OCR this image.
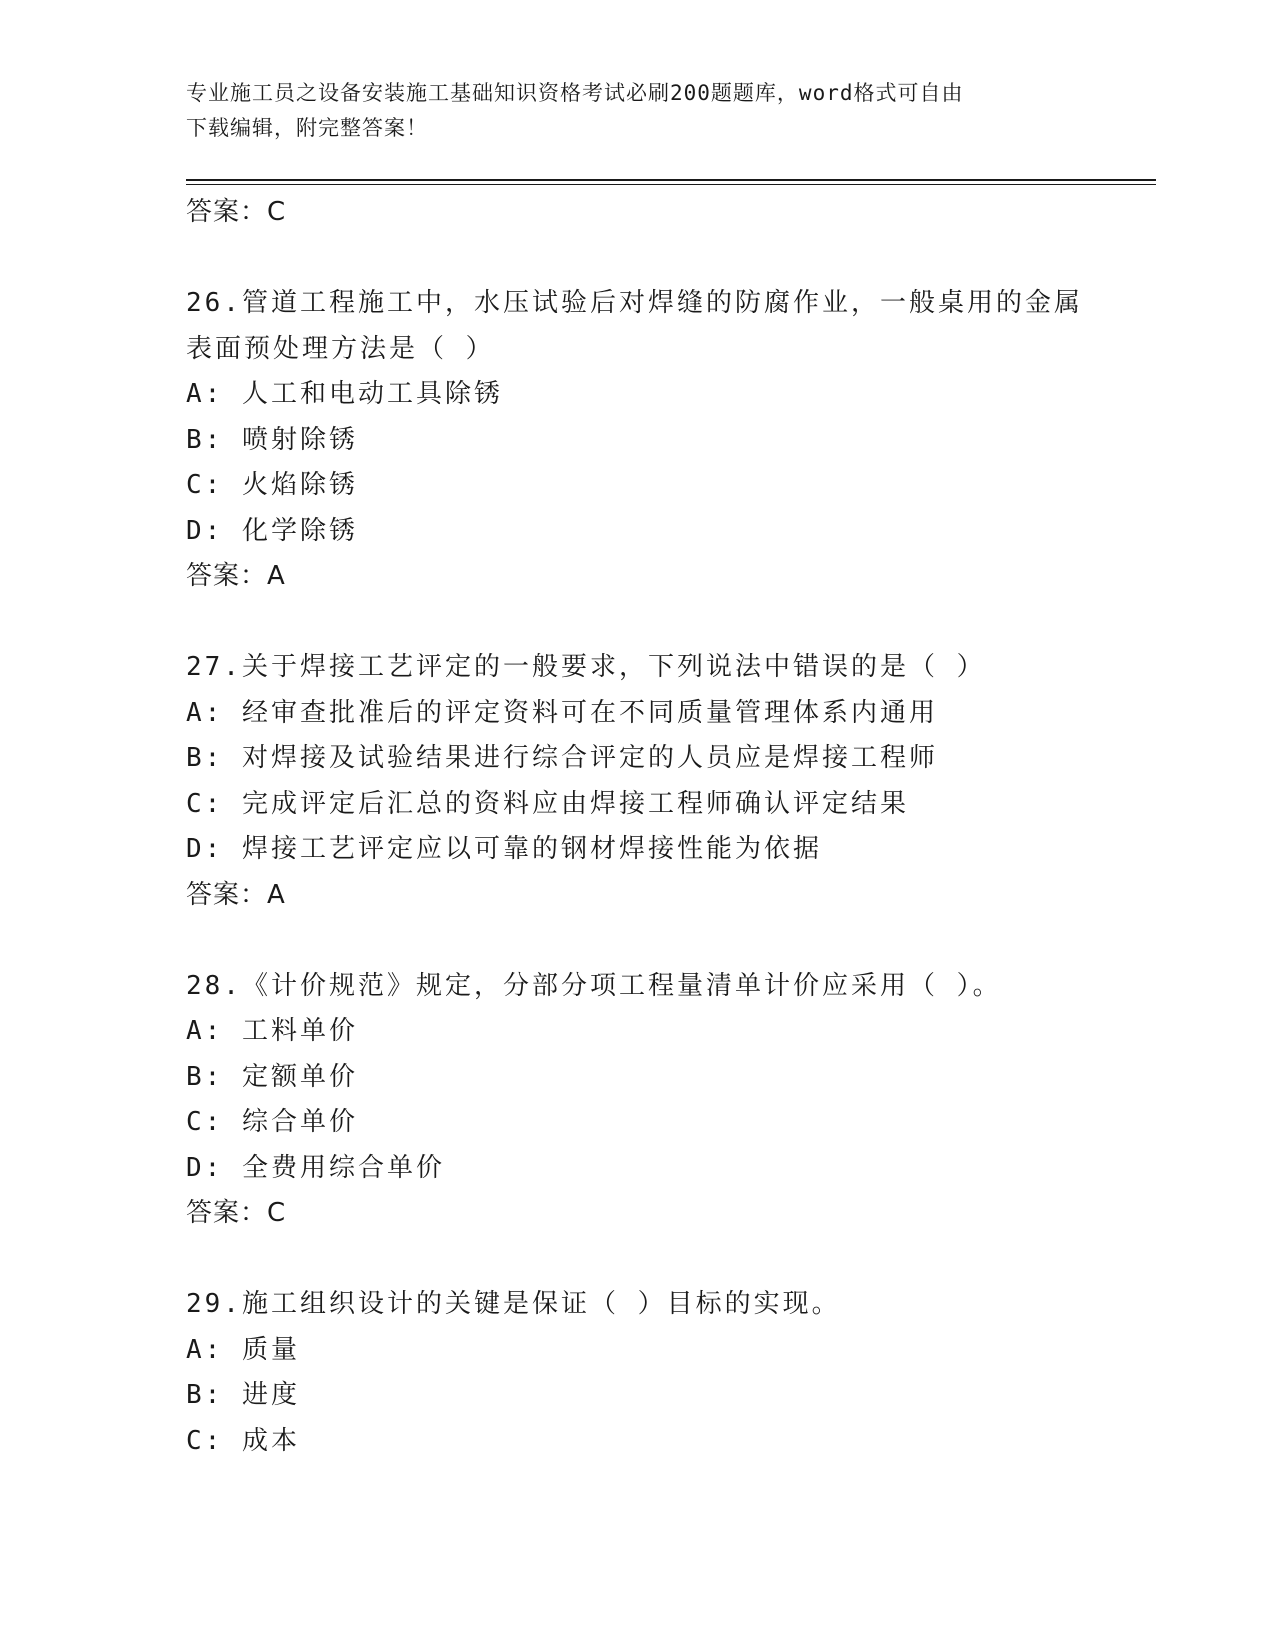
专业施工员之设备安装施工基础知识资格考试必刷200题题库，word格式可自由
下载编辑，附完整答案！
答案：C
26.管道工程施工中，水压试验后对焊缝的防腐作业，一般桌用的金属
表面预处理方法是（ ）
A: 人工和电动工具除锈
B: 喷射除锈
C: 火焰除锈
D: 化学除锈
答案：A
27.关于焊接工艺评定的一般要求，下列说法中错误的是（ ）
A: 经审查批准后的评定资料可在不同质量管理体系内通用
B: 对焊接及试验结果进行综合评定的人员应是焊接工程师
C: 完成评定后汇总的资料应由焊接工程师确认评定结果
D: 焊接工艺评定应以可靠的钢材焊接性能为依据
答案：A
28.《计价规范》规定，分部分项工程量清单计价应采用（ ）。
A: 工料单价
B: 定额单价
C: 综合单价
D: 全费用综合单价
答案：C
29.施工组织设计的关键是保证（ ）目标的实现。
A: 质量
B: 进度
C: 成本
